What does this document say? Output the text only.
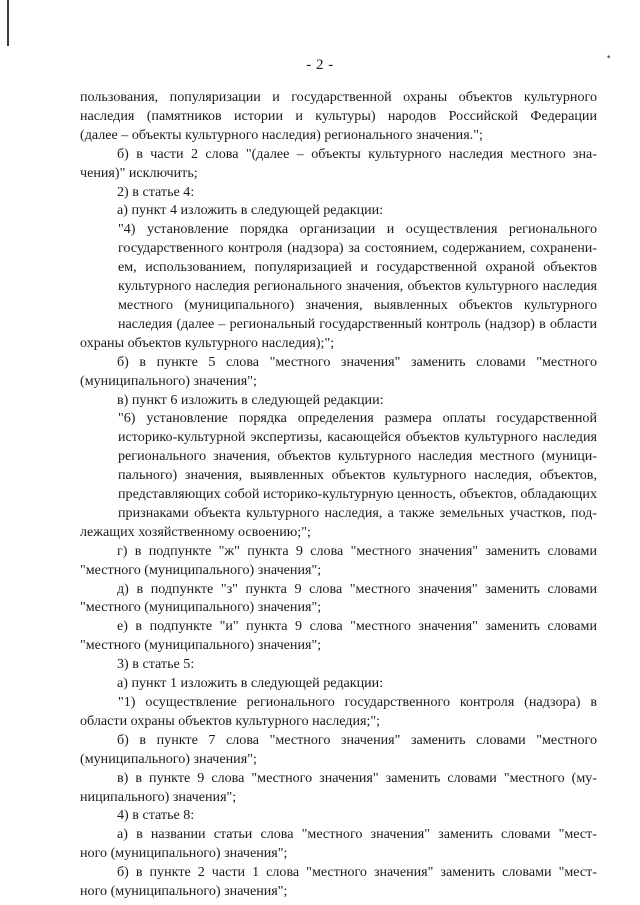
•
- 2 -

пользования, популяризации и государственной охраны объектов культурного
наследия (памятников истории и культуры) народов Российской Федерации
(далее – объекты культурного наследия) регионального значения.";

б) в части 2 слова "(далее – объекты культурного наследия местного зна-
чения)" исключить;

2) в статье 4:

а) пункт 4 изложить в следующей редакции:

"4) установление порядка организации и осуществления регионального
государственного контроля (надзора) за состоянием, содержанием, сохранени-
ем, использованием, популяризацией и государственной охраной объектов
культурного наследия регионального значения, объектов культурного наследия
местного (муниципального) значения, выявленных объектов культурного
наследия (далее – региональный государственный контроль (надзор) в области
охраны объектов культурного наследия);";

б) в пункте 5 слова "местного значения" заменить словами "местного
(муниципального) значения";

в) пункт 6 изложить в следующей редакции:

"6) установление порядка определения размера оплаты государственной
историко-культурной экспертизы, касающейся объектов культурного наследия
регионального значения, объектов культурного наследия местного (муници-
пального) значения, выявленных объектов культурного наследия, объектов,
представляющих собой историко-культурную ценность, объектов, обладающих
признаками объекта культурного наследия, а также земельных участков, под-
лежащих хозяйственному освоению;";

г) в подпункте "ж" пункта 9 слова "местного значения" заменить словами
"местного (муниципального) значения";

д) в подпункте "з" пункта 9 слова "местного значения" заменить словами
"местного (муниципального) значения";

е) в подпункте "и" пункта 9 слова "местного значения" заменить словами
"местного (муниципального) значения";

3) в статье 5:

а) пункт 1 изложить в следующей редакции:

"1) осуществление регионального государственного контроля (надзора) в
области охраны объектов культурного наследия;";

б) в пункте 7 слова "местного значения" заменить словами "местного
(муниципального) значения";

в) в пункте 9 слова "местного значения" заменить словами "местного (му-
ниципального) значения";

4) в статье 8:

а) в названии статьи слова "местного значения" заменить словами "мест-
ного (муниципального) значения";

б) в пункте 2 части 1 слова "местного значения" заменить словами "мест-
ного (муниципального) значения";
